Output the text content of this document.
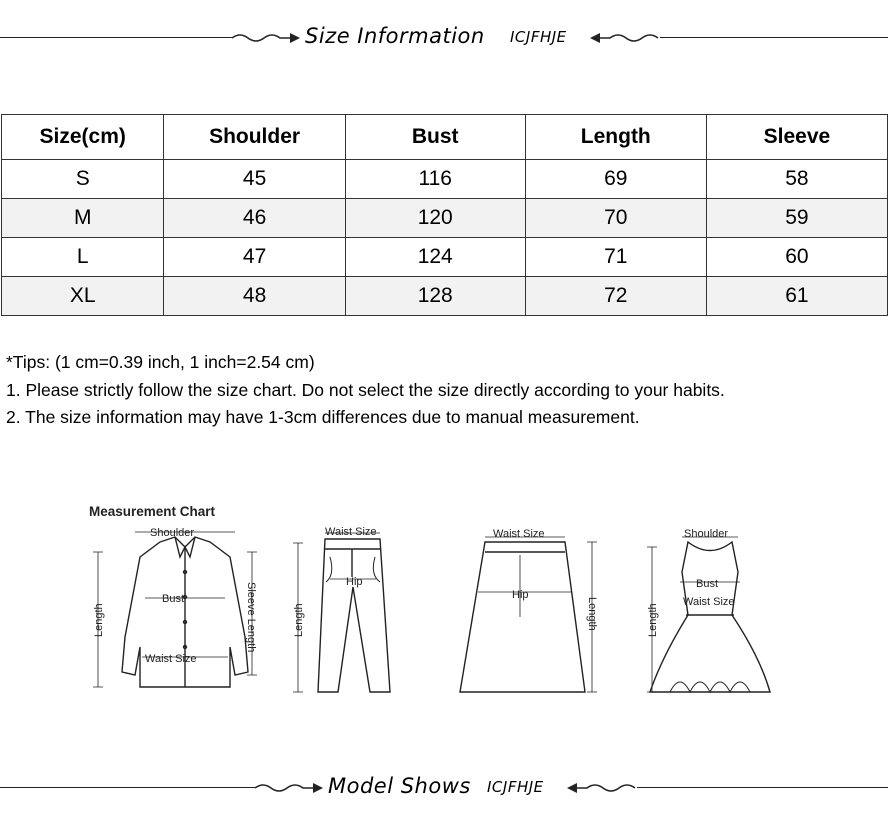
Size Information ICJFHJE
Size(cm)	Shoulder	Bust	Length	Sleeve
S	45	116	69	58
M	46	120	70	59
L	47	124	71	60
XL	48	128	72	61
*Tips: (1 cm=0.39 inch, 1 inch=2.54 cm)
1. Please strictly follow the size chart. Do not select the size directly according to your habits.
2. The size information may have 1-3cm differences due to manual measurement.
Measurement Chart
Shoulder
Bust
Waist Size
Length	Sleeve Length
Waist Size
Hip
Length
Waist Size
Hip
Length
Shoulder
Bust
Waist Size
Length
Model Shows ICJFHJE
